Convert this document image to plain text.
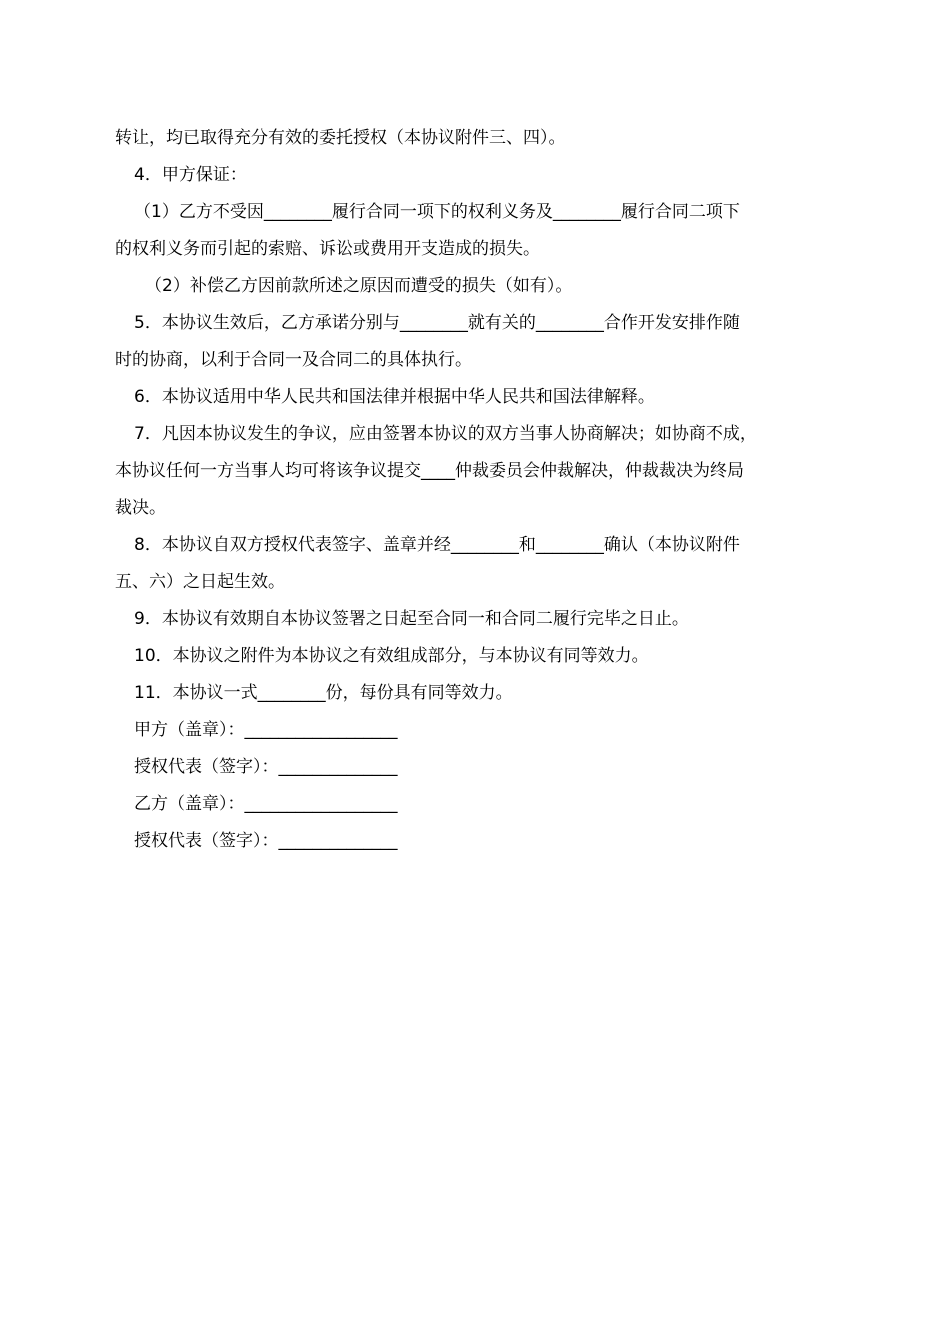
转让，均已取得充分有效的委托授权（本协议附件三、四）。
4．甲方保证：
（1）乙方不受因________履行合同一项下的权利义务及________履行合同二项下
的权利义务而引起的索赔、诉讼或费用开支造成的损失。
（2）补偿乙方因前款所述之原因而遭受的损失（如有）。
5．本协议生效后，乙方承诺分别与________就有关的________合作开发安排作随
时的协商，以利于合同一及合同二的具体执行。
6．本协议适用中华人民共和国法律并根据中华人民共和国法律解释。
7．凡因本协议发生的争议，应由签署本协议的双方当事人协商解决；如协商不成，
本协议任何一方当事人均可将该争议提交____仲裁委员会仲裁解决，仲裁裁决为终局
裁决。
8．本协议自双方授权代表签字、盖章并经________和________确认（本协议附件
五、六）之日起生效。
9．本协议有效期自本协议签署之日起至合同一和合同二履行完毕之日止。
10．本协议之附件为本协议之有效组成部分，与本协议有同等效力。
11．本协议一式________份，每份具有同等效力。
甲方（盖章）：__________________
授权代表（签字）：______________
乙方（盖章）：__________________
授权代表（签字）：______________
